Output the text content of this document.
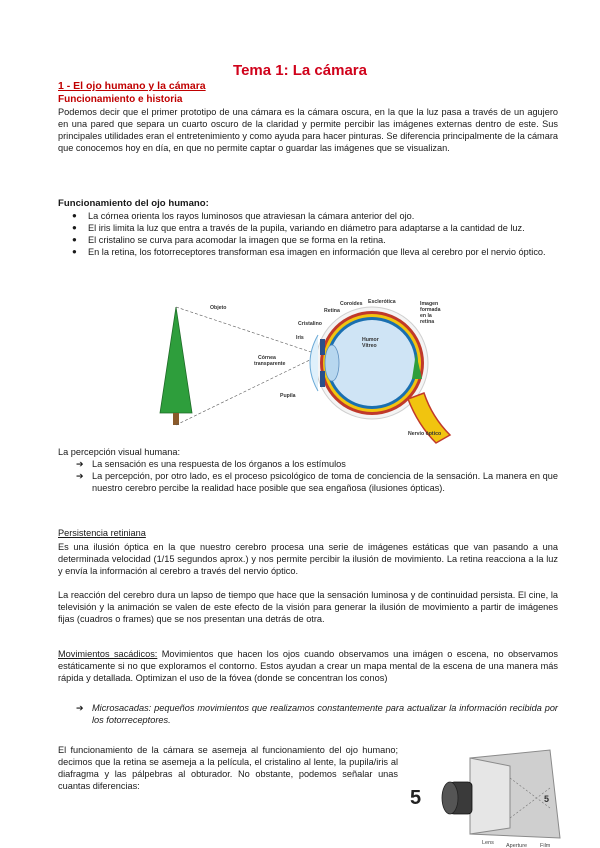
Tema 1: La cámara
1 - El ojo humano y la cámara
Funcionamiento e historia

Podemos decir que el primer prototipo de una cámara es la cámara oscura, en la que la luz pasa a través de un agujero en una pared que separa un cuarto oscuro de la claridad y permite percibir las imágenes externas dentro de este. Sus principales utilidades eran el entretenimiento y como ayuda para hacer pinturas. Se diferencia principalmente de la cámara que conocemos hoy en día, en que no permite captar o guardar las imágenes que se visualizan.

Funcionamiento del ojo humano:
● La córnea orienta los rayos luminosos que atraviesan la cámara anterior del ojo.
● El iris limita la luz que entra a través de la pupila, variando en diámetro para adaptarse a la cantidad de luz.
● El cristalino se curva para acomodar la imagen que se forma en la retina.
● En la retina, los fotorreceptores transforman esa imagen en información que lleva al cerebro por el nervio óptico.
Objeto	Retina
Coroides Esclerótica	Imagen
formada
en la
retina
Cristalino
Iris	Humor
Vítreo
Córnea
transparente
Pupila
Nervio óptico

La percepción visual humana:

➔ La sensación es una respuesta de los órganos a los estímulos
➔ La percepción, por otro lado, es el proceso psicológico de toma de conciencia de la sensación. La manera en que nuestro cerebro percibe la realidad hace posible que sea engañosa (ilusiones ópticas).

Persistencia retiniana

Es una ilusión óptica en la que nuestro cerebro procesa una serie de imágenes estáticas que van pasando a una determinada velocidad (1/15 segundos aprox.) y nos permite percibir la ilusión de movimiento. La retina reacciona a la luz y envía la información al cerebro a través del nervio óptico.

La reacción del cerebro dura un lapso de tiempo que hace que la sensación luminosa y de continuidad persista. El cine, la televisión y la animación se valen de este efecto de la visión para generar la ilusión de movimiento a partir de imágenes fijas (cuadros o frames) que se nos presentan una detrás de otra.

Movimientos sacádicos: Movimientos que hacen los ojos cuando observamos una imágen o escena, no observamos estáticamente si no que exploramos el contorno. Estos ayudan a crear un mapa mental de la escena de una manera más rápida y detallada. Optimizan el uso de la fóvea (donde se concentran los conos)

➔ Microsacadas: pequeños movimientos que realizamos constantemente para actualizar la información recibida por los fotorreceptores.

El funcionamiento de la cámara se asemeja al funcionamiento del ojo humano; decimos que la retina se asemeja a la película, el cristalino al lente, la pupila/iris al diafragma y las pálpebras al obturador. No obstante, podemos señalar unas cuantas diferencias:

5	5
Lens Aperture Film
